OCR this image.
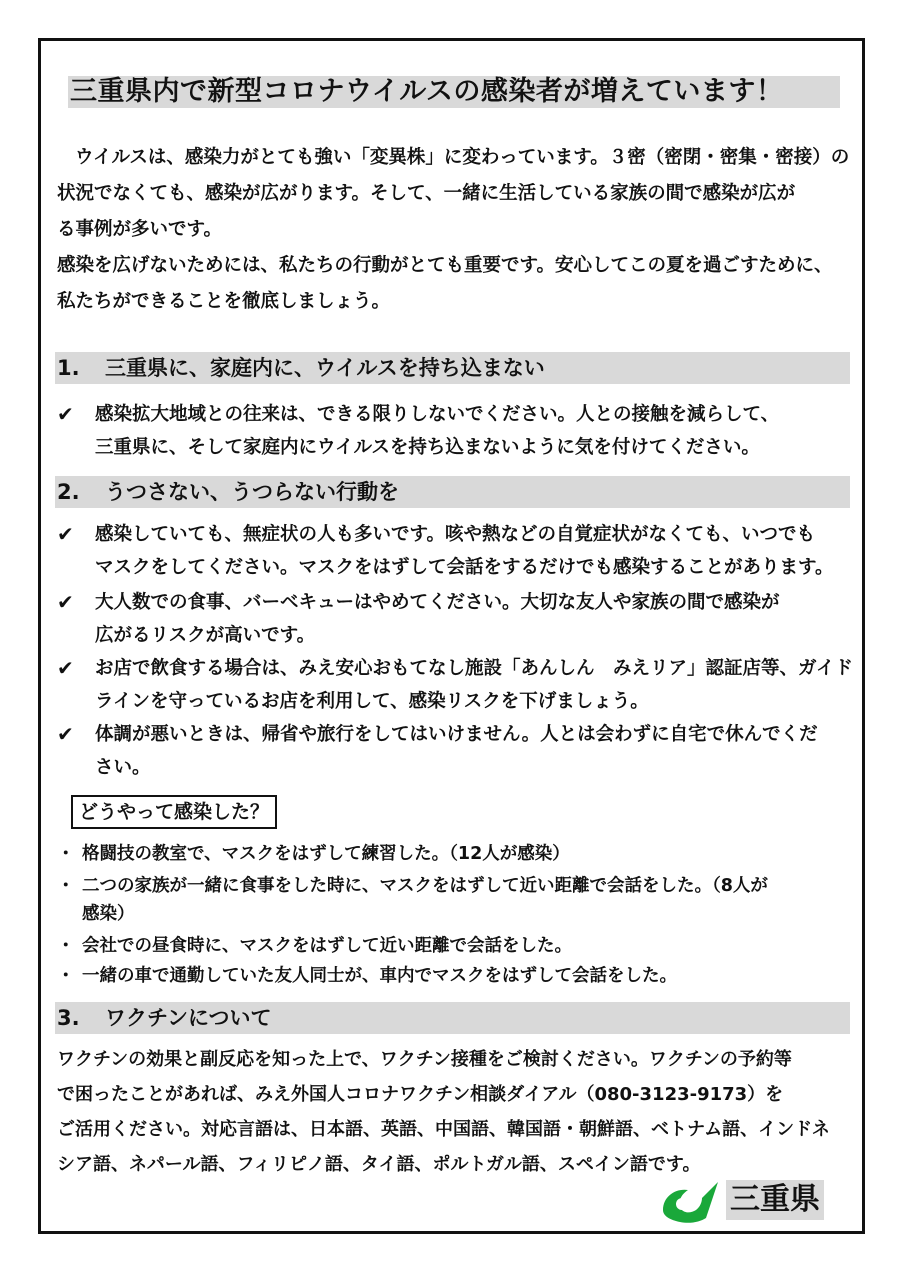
三重県内で新型コロナウイルスの感染者が増えています！
ウイルスは、感染力がとても強い「変異株」に変わっています。３密（密閉・密集・密接）の
状況でなくても、感染が広がります。そして、一緒に生活している家族の間で感染が広が
る事例が多いです。
感染を広げないためには、私たちの行動がとても重要です。安心してこの夏を過ごすために、
私たちができることを徹底しましょう。
1. 三重県に、家庭内に、ウイルスを持ち込まない
✔	感染拡大地域との往来は、できる限りしないでください。人との接触を減らして、
三重県に、そして家庭内にウイルスを持ち込まないように気を付けてください。
2. うつさない、うつらない行動を
✔	感染していても、無症状の人も多いです。咳や熱などの自覚症状がなくても、いつでも
マスクをしてください。マスクをはずして会話をするだけでも感染することがあります。
✔	大人数での食事、バーベキューはやめてください。大切な友人や家族の間で感染が
広がるリスクが高いです。
✔	お店で飲食する場合は、みえ安心おもてなし施設「あんしん　みえリア」認証店等、ガイド
ラインを守っているお店を利用して、感染リスクを下げましょう。
✔	体調が悪いときは、帰省や旅行をしてはいけません。人とは会わずに自宅で休んでくだ
さい。
どうやって感染した？
・ 格闘技の教室で、マスクをはずして練習した。（12人が感染）
・ 二つの家族が一緒に食事をした時に、マスクをはずして近い距離で会話をした。（8人が
感染）
・ 会社での昼食時に、マスクをはずして近い距離で会話をした。
・ 一緒の車で通勤していた友人同士が、車内でマスクをはずして会話をした。
3. ワクチンについて
ワクチンの効果と副反応を知った上で、ワクチン接種をご検討ください。ワクチンの予約等
で困ったことがあれば、みえ外国人コロナワクチン相談ダイアル（080-3123-9173）を
ご活用ください。対応言語は、日本語、英語、中国語、韓国語・朝鮮語、ベトナム語、インドネ
シア語、ネパール語、フィリピノ語、タイ語、ポルトガル語、スペイン語です。
三重県
